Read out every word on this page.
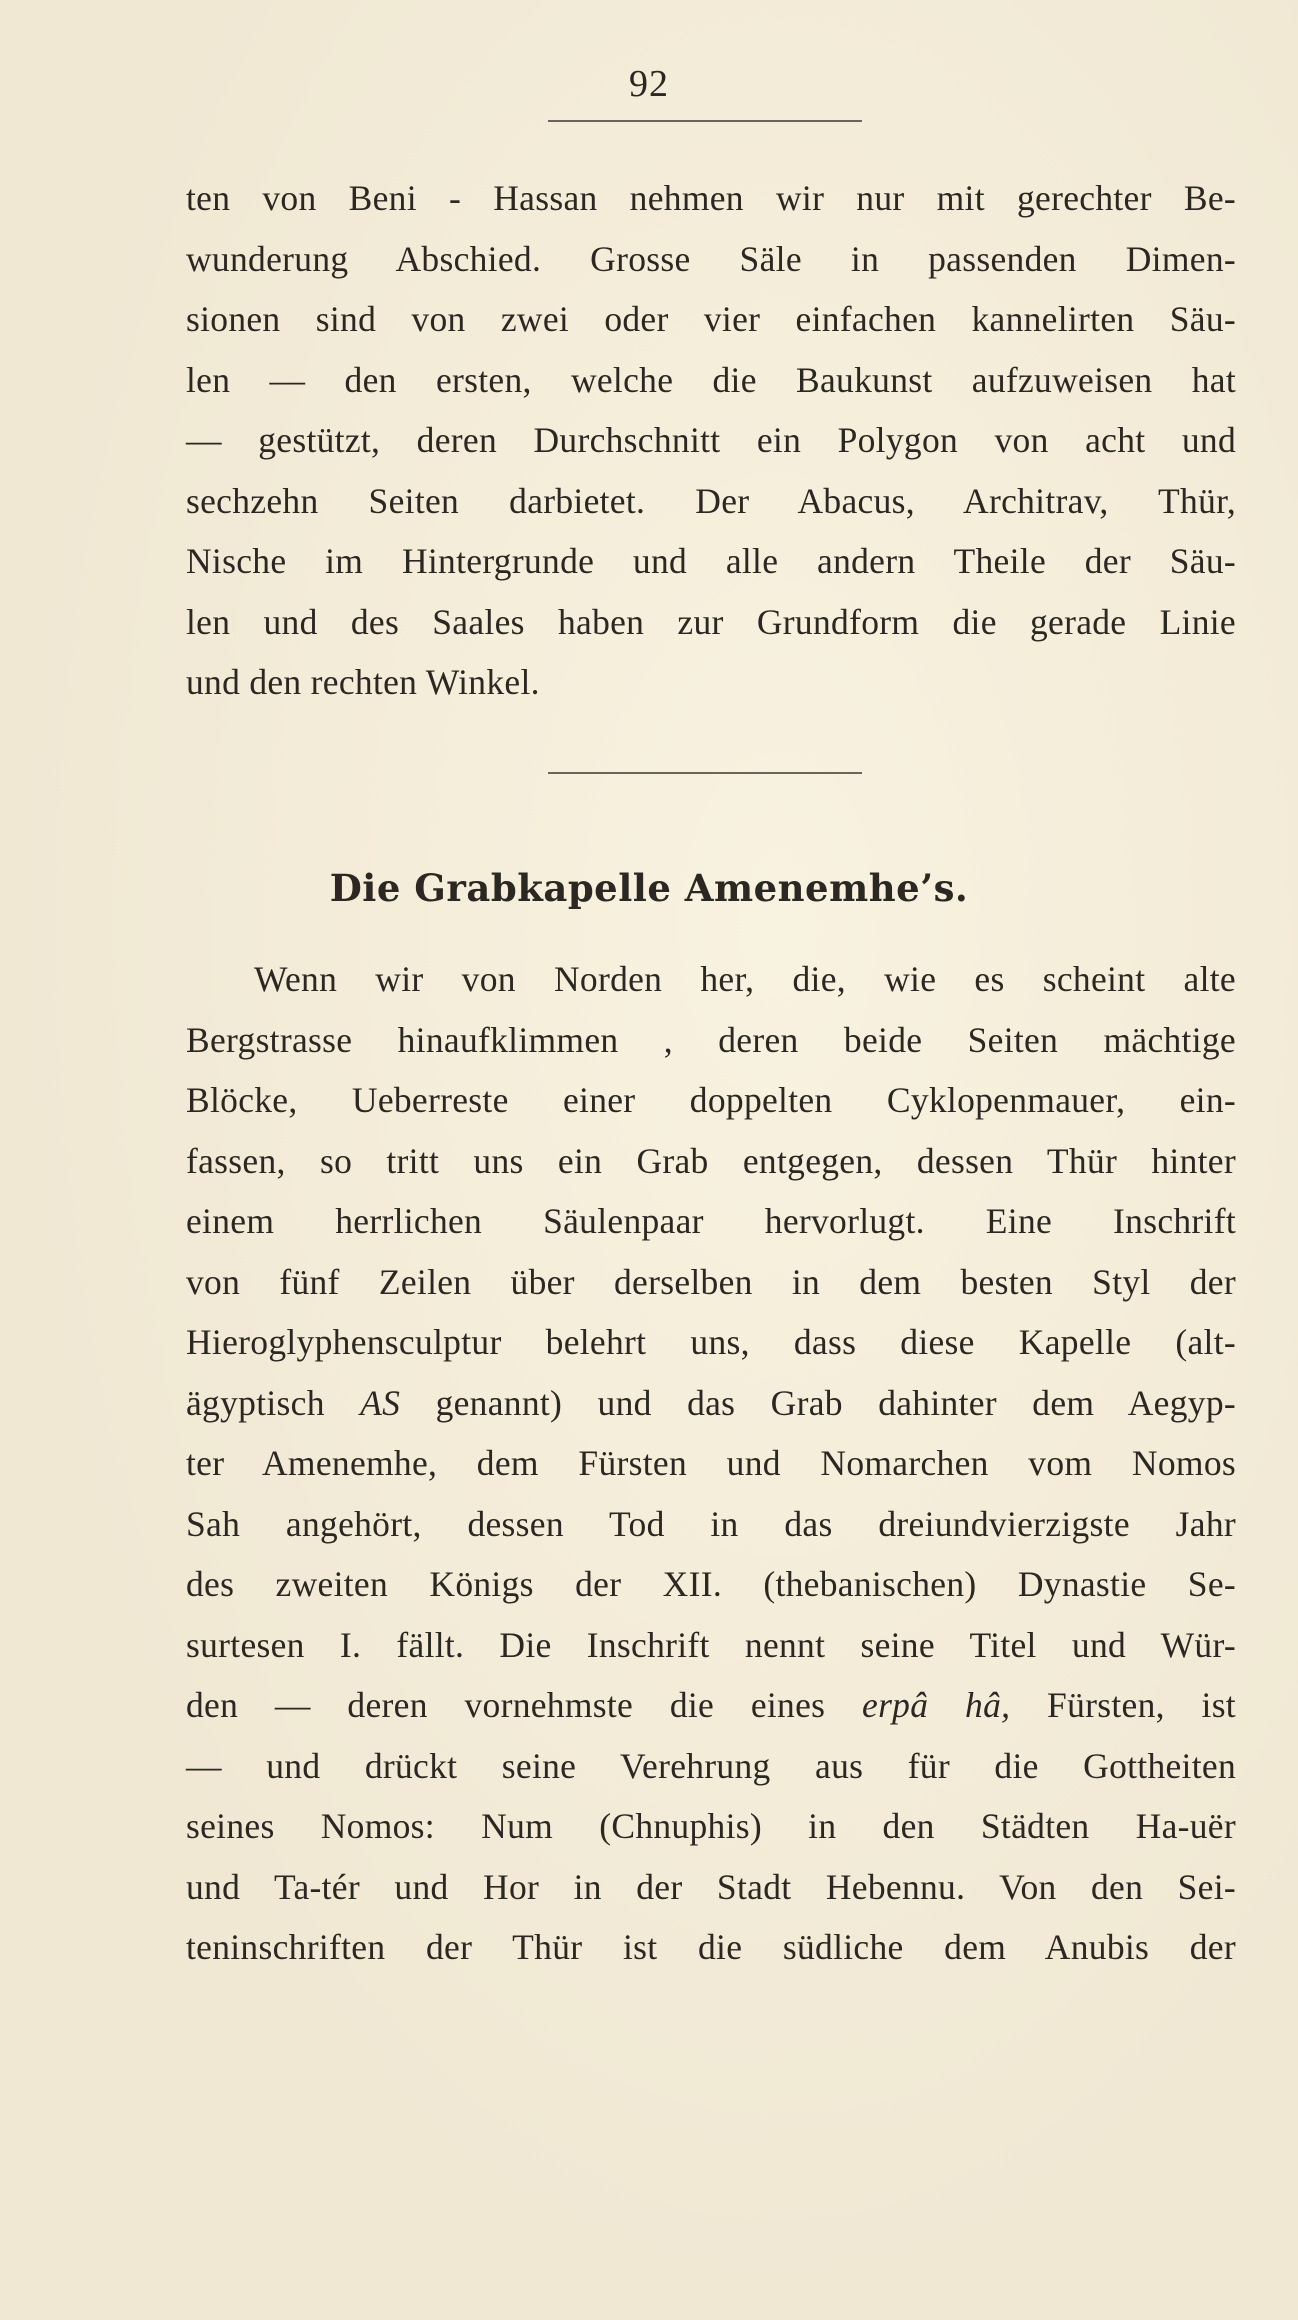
92
ten von Beni - Hassan nehmen wir nur mit gerechter Be-
wunderung Abschied. Grosse Säle in passenden Dimen-
sionen sind von zwei oder vier einfachen kannelirten Säu-
len — den ersten, welche die Baukunst aufzuweisen hat
— gestützt, deren Durchschnitt ein Polygon von acht und
sechzehn Seiten darbietet. Der Abacus, Architrav, Thür,
Nische im Hintergrunde und alle andern Theile der Säu-
len und des Saales haben zur Grundform die gerade Linie
und den rechten Winkel.
Die Grabkapelle Amenemhe’s.
Wenn wir von Norden her, die, wie es scheint alte
Bergstrasse hinaufklimmen , deren beide Seiten mächtige
Blöcke, Ueberreste einer doppelten Cyklopenmauer, ein-
fassen, so tritt uns ein Grab entgegen, dessen Thür hinter
einem herrlichen Säulenpaar hervorlugt. Eine Inschrift
von fünf Zeilen über derselben in dem besten Styl der
Hieroglyphensculptur belehrt uns, dass diese Kapelle (alt-
ägyptisch AS genannt) und das Grab dahinter dem Aegyp-
ter Amenemhe, dem Fürsten und Nomarchen vom Nomos
Sah angehört, dessen Tod in das dreiundvierzigste Jahr
des zweiten Königs der XII. (thebanischen) Dynastie Se-
surtesen I. fällt. Die Inschrift nennt seine Titel und Wür-
den — deren vornehmste die eines erpâ hâ, Fürsten, ist
— und drückt seine Verehrung aus für die Gottheiten
seines Nomos: Num (Chnuphis) in den Städten Ha-uër
und Ta-tér und Hor in der Stadt Hebennu. Von den Sei-
teninschriften der Thür ist die südliche dem Anubis der
